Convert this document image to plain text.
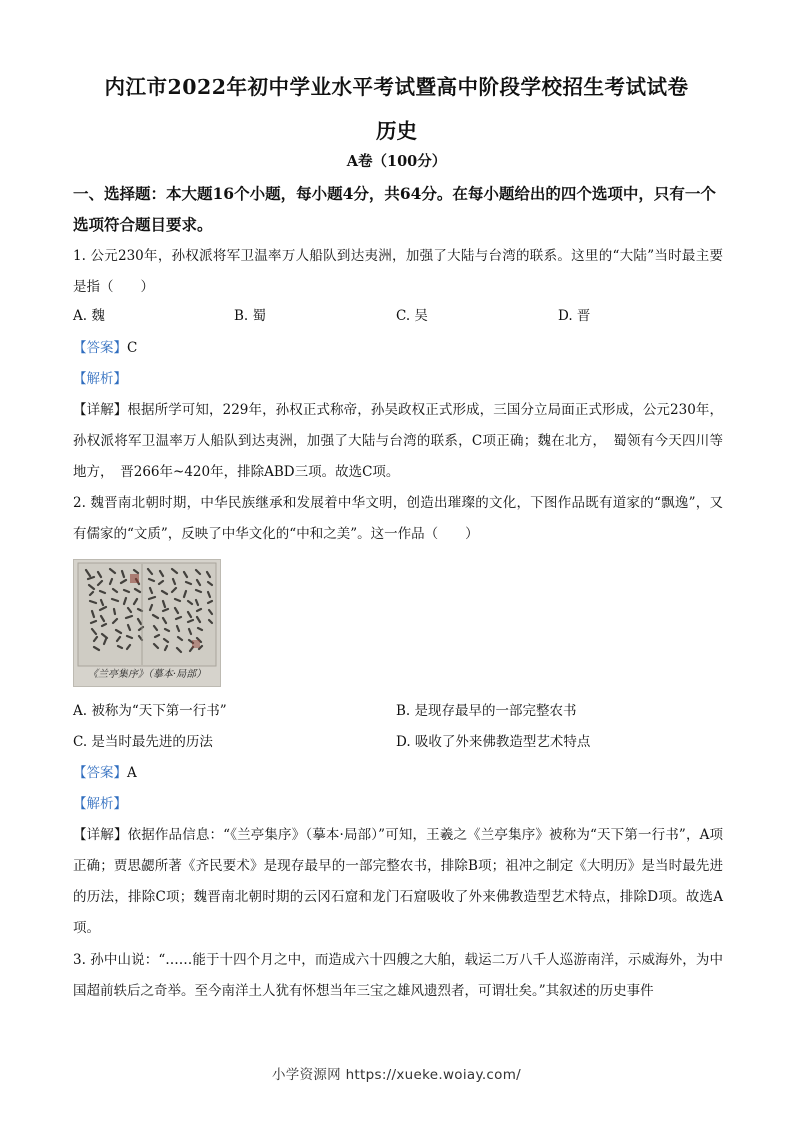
内江市2022年初中学业水平考试暨高中阶段学校招生考试试卷
历史
A卷（100分）
一、选择题：本大题16个小题，每小题4分，共64分。在每小题给出的四个选项中，只有一个选项符合题目要求。
1. 公元230年，孙权派将军卫温率万人船队到达夷洲，加强了大陆与台湾的联系。这里的“大陆”当时最主要是指（　　）
A. 魏	B. 蜀	C. 吴	D. 晋
【答案】C
【解析】
【详解】根据所学可知，229年，孙权正式称帝，孙吴政权正式形成，三国分立局面正式形成，公元230年，孙权派将军卫温率万人船队到达夷洲，加强了大陆与台湾的联系，C项正确；魏在北方，　蜀领有今天四川等地方，　晋266年~420年，排除ABD三项。故选C项。
2. 魏晋南北朝时期，中华民族继承和发展着中华文明，创造出璀璨的文化，下图作品既有道家的“飘逸”，又有儒家的“文质”，反映了中华文化的“中和之美”。这一作品（　　）
《兰亭集序》（摹本·局部）
A. 被称为“天下第一行书”	B. 是现存最早的一部完整农书
C. 是当时最先进的历法	D. 吸收了外来佛教造型艺术特点
【答案】A
【解析】
【详解】依据作品信息：“《兰亭集序》（摹本·局部）”可知，王羲之《兰亭集序》被称为“天下第一行书”，A项正确；贾思勰所著《齐民要术》是现存最早的一部完整农书，排除B项；祖冲之制定《大明历》是当时最先进的历法，排除C项；魏晋南北朝时期的云冈石窟和龙门石窟吸收了外来佛教造型艺术特点，排除D项。故选A项。
3. 孙中山说：“……能于十四个月之中，而造成六十四艘之大舶，载运二万八千人巡游南洋，示威海外，为中国超前轶后之奇举。至今南洋土人犹有怀想当年三宝之雄风遗烈者，可谓壮矣。”其叙述的历史事件
小学资源网 https://xueke.woiay.com/
